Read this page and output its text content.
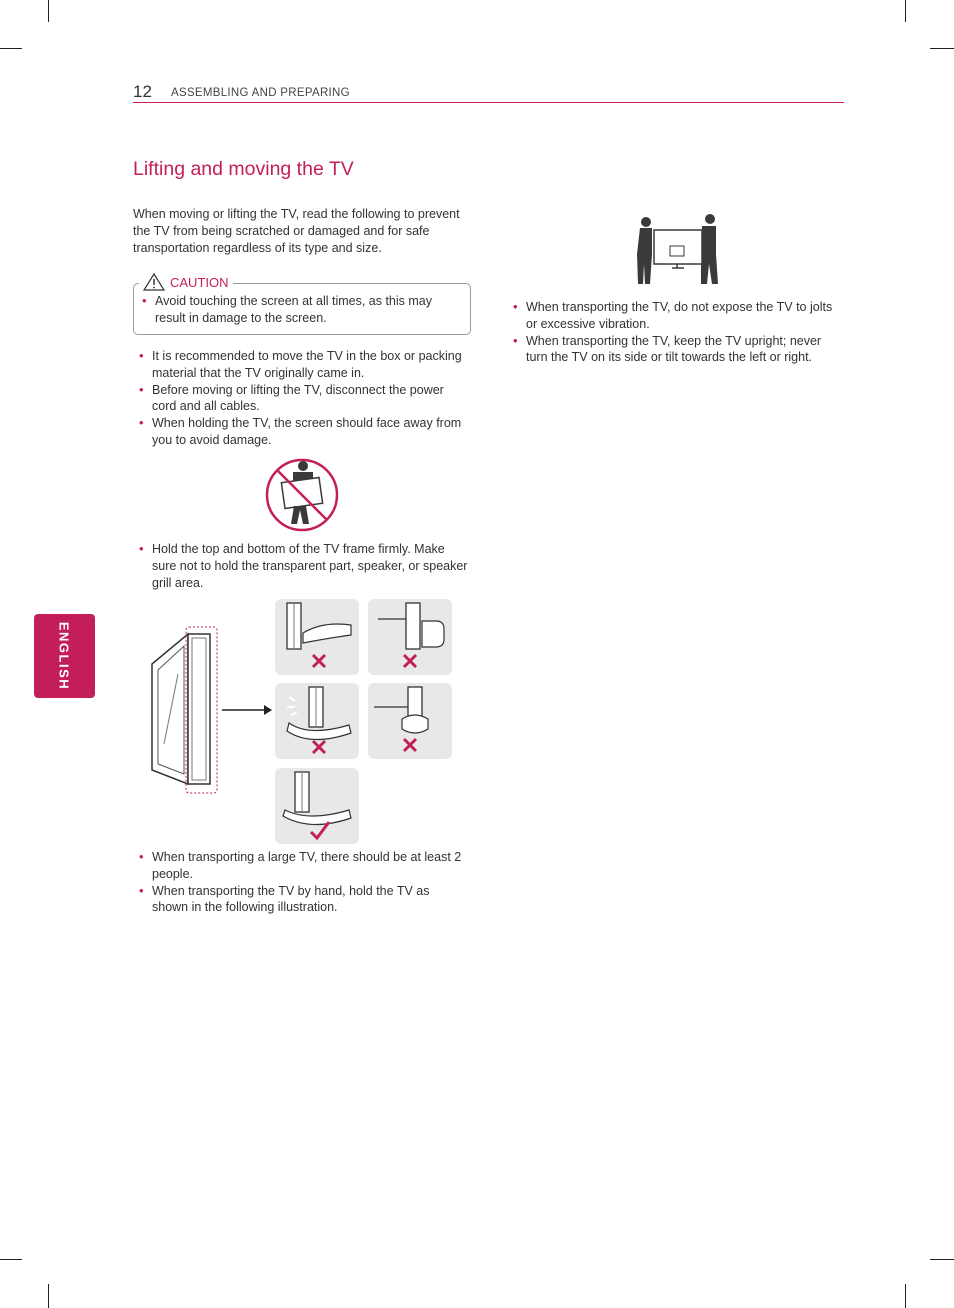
12 ASSEMBLING AND PREPARING
Lifting and moving the TV

When moving or lifting the TV, read the following to prevent the TV from being scratched or damaged and for safe transportation regardless of its type and size.

CAUTION
• Avoid touching the screen at all times, as this may result in damage to the screen.
• It is recommended to move the TV in the box or packing material that the TV originally came in.
• Before moving or lifting the TV, disconnect the power cord and all cables.
• When holding the TV, the screen should face away from you to avoid damage.
• Hold the top and bottom of the TV frame firmly. Make sure not to hold the transparent part, speaker, or speaker grill area.
• When transporting a large TV, there should be at least 2 people.
• When transporting the TV by hand, hold the TV as shown in the following illustration.
• When transporting the TV, do not expose the TV to jolts or excessive vibration.
• When transporting the TV, keep the TV upright; never turn the TV on its side or tilt towards the left or right.
ENGLISH
